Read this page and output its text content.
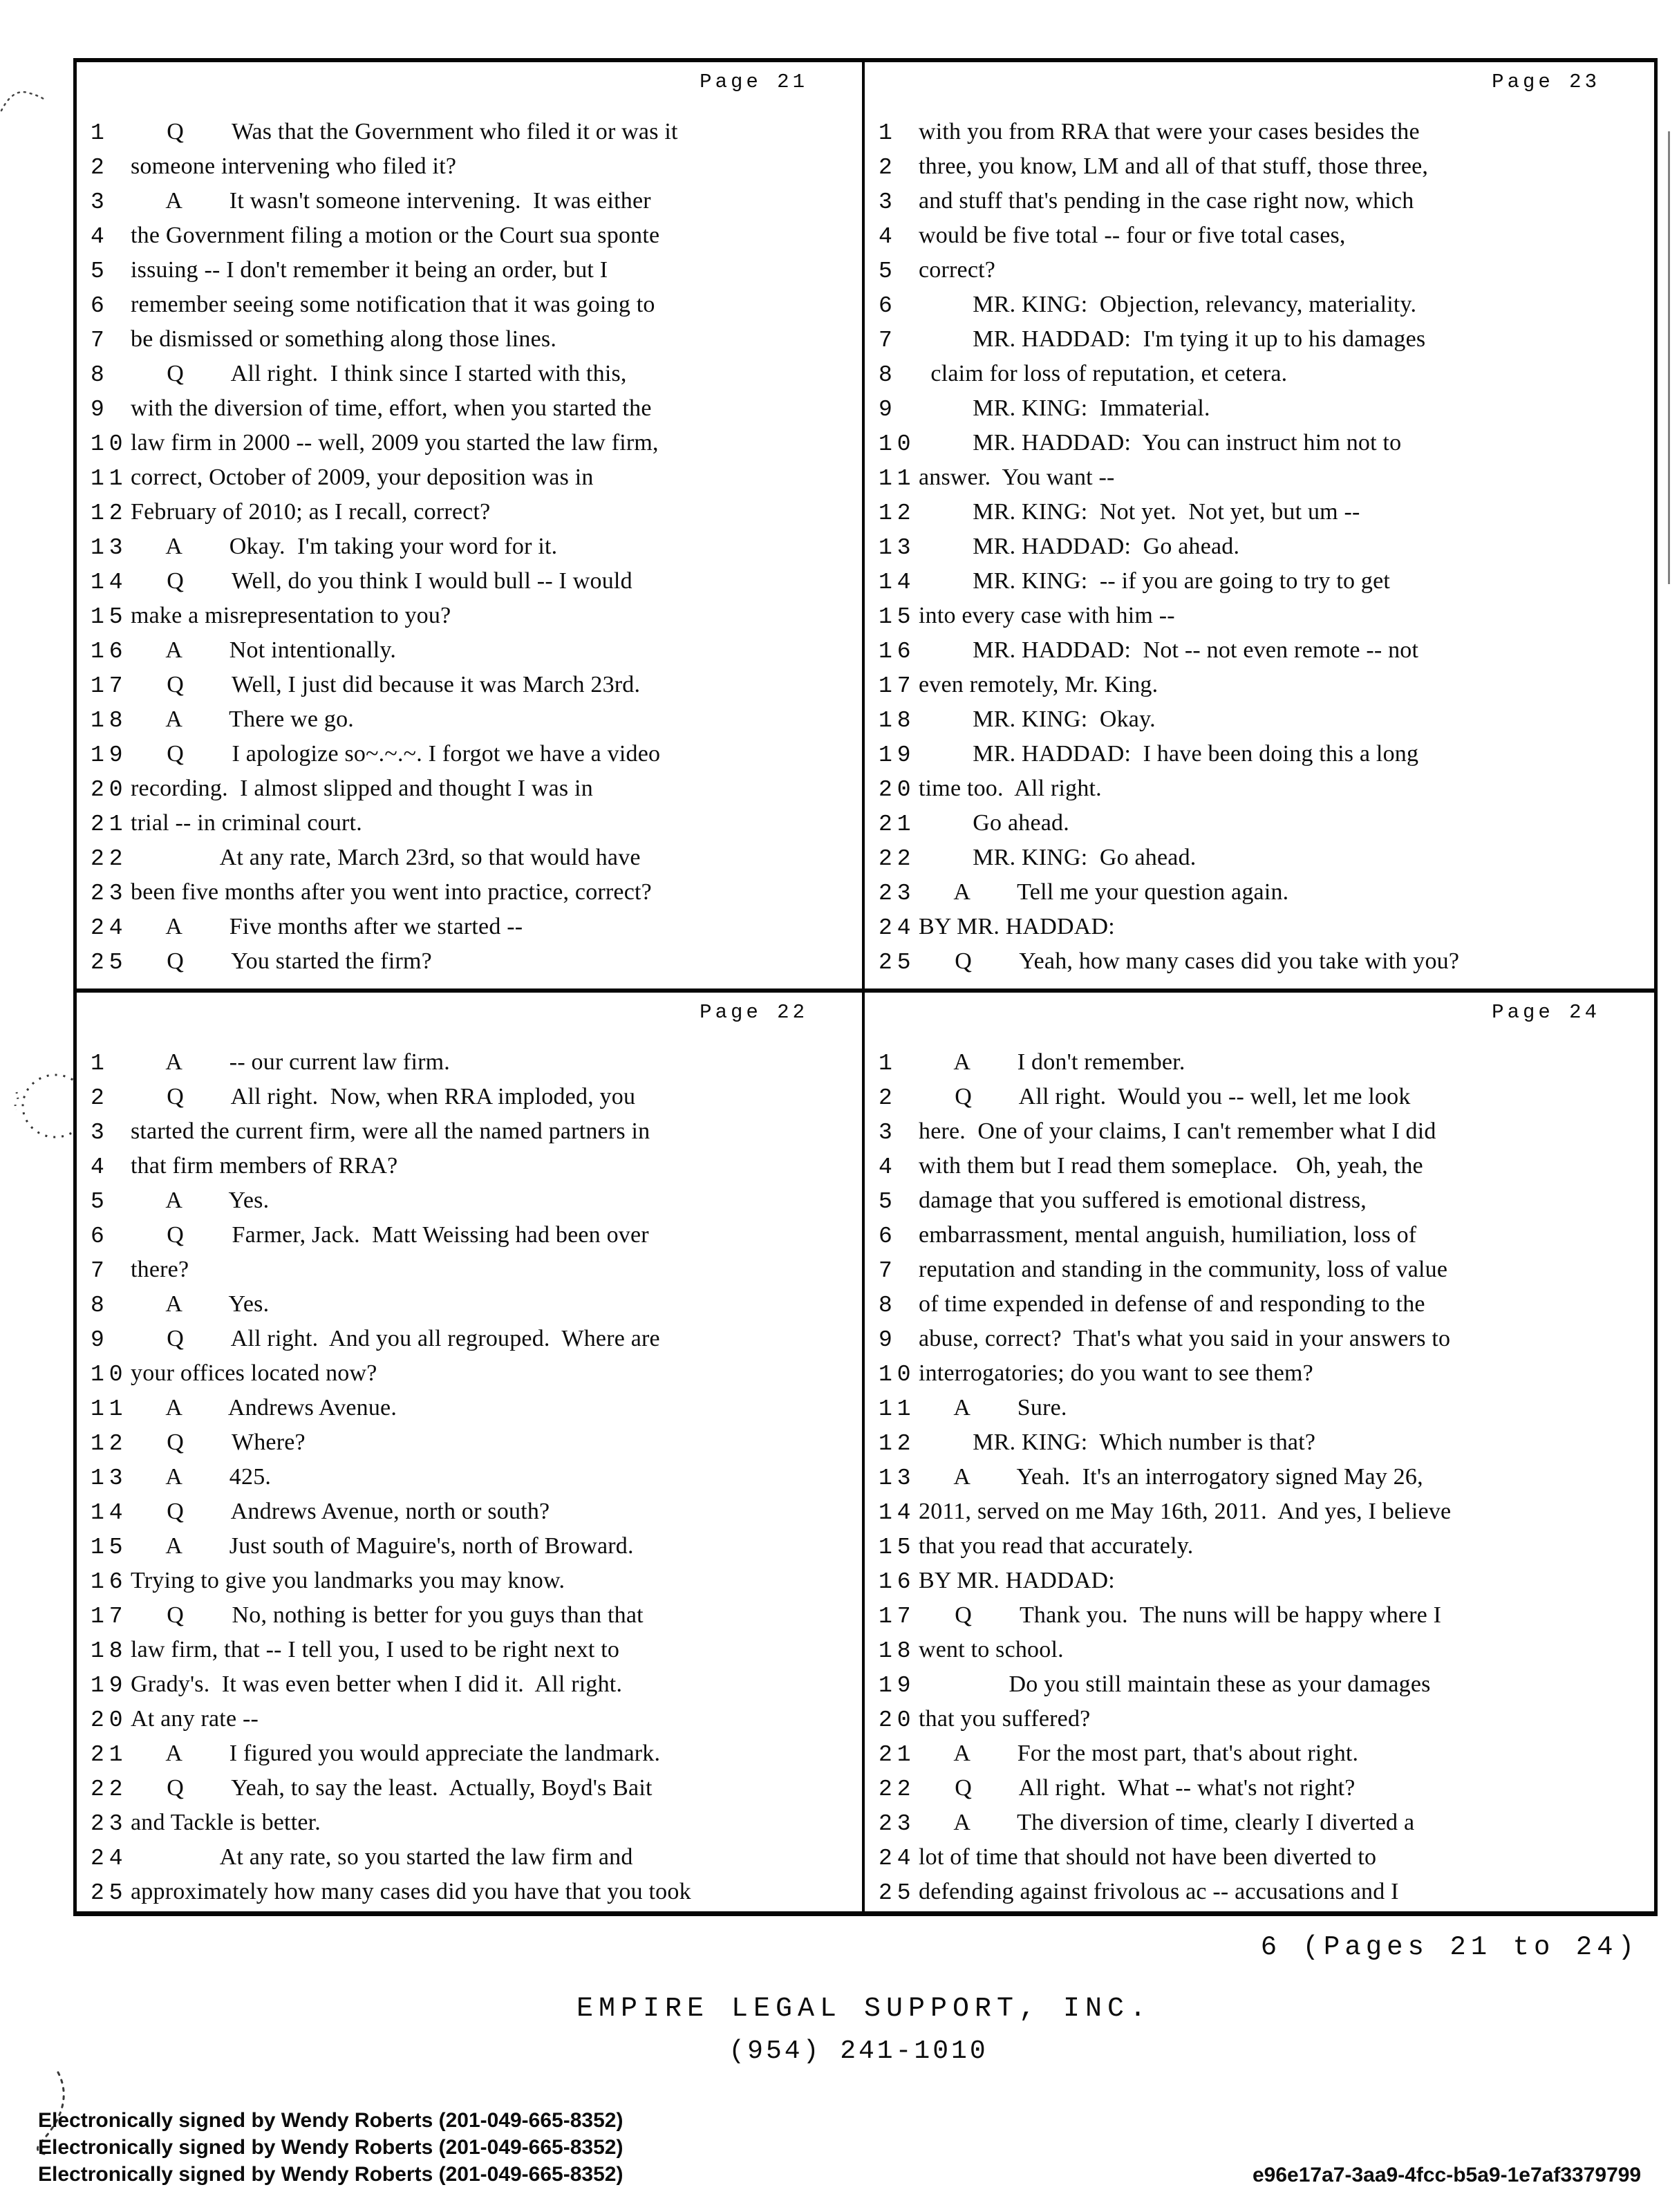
Page 21
1 Q        Was that the Government who filed it or was it
2 someone intervening who filed it?
3 A        It wasn't someone intervening.  It was either
4 the Government filing a motion or the Court sua sponte
5 issuing -- I don't remember it being an order, but I
6 remember seeing some notification that it was going to
7 be dismissed or something along those lines.
8 Q        All right.  I think since I started with this,
9 with the diversion of time, effort, when you started the
10 law firm in 2000 -- well, 2009 you started the law firm,
11 correct, October of 2009, your deposition was in
12 February of 2010; as I recall, correct?
13 A        Okay.  I'm taking your word for it.
14 Q        Well, do you think I would bull -- I would
15 make a misrepresentation to you?
16 A        Not intentionally.
17 Q        Well, I just did because it was March 23rd.
18 A        There we go.
19 Q        I apologize so~.~.~. I forgot we have a video
20 recording.  I almost slipped and thought I was in
21 trial -- in criminal court.
22 At any rate, March 23rd, so that would have
23 been five months after you went into practice, correct?
24 A        Five months after we started --
25 Q        You started the firm?
Page 23
1 with you from RRA that were your cases besides the
2 three, you know, LM and all of that stuff, those three,
3 and stuff that's pending in the case right now, which
4 would be five total -- four or five total cases,
5 correct?
6 MR. KING:  Objection, relevancy, materiality.
7 MR. HADDAD:  I'm tying it up to his damages
8 claim for loss of reputation, et cetera.
9 MR. KING:  Immaterial.
10 MR. HADDAD:  You can instruct him not to
11 answer.  You want --
12 MR. KING:  Not yet.  Not yet, but um --
13 MR. HADDAD:  Go ahead.
14 MR. KING:  -- if you are going to try to get
15 into every case with him --
16 MR. HADDAD:  Not -- not even remote -- not
17 even remotely, Mr. King.
18 MR. KING:  Okay.
19 MR. HADDAD:  I have been doing this a long
20 time too.  All right.
21 Go ahead.
22 MR. KING:  Go ahead.
23 A        Tell me your question again.
24 BY MR. HADDAD:
25 Q        Yeah, how many cases did you take with you?
Page 22
1 A        -- our current law firm.
2 Q        All right.  Now, when RRA imploded, you
3 started the current firm, were all the named partners in
4 that firm members of RRA?
5 A        Yes.
6 Q        Farmer, Jack.  Matt Weissing had been over
7 there?
8 A        Yes.
9 Q        All right.  And you all regrouped.  Where are
10 your offices located now?
11 A        Andrews Avenue.
12 Q        Where?
13 A        425.
14 Q        Andrews Avenue, north or south?
15 A        Just south of Maguire's, north of Broward.
16 Trying to give you landmarks you may know.
17 Q        No, nothing is better for you guys than that
18 law firm, that -- I tell you, I used to be right next to
19 Grady's.  It was even better when I did it.  All right.
20 At any rate --
21 A        I figured you would appreciate the landmark.
22 Q        Yeah, to say the least.  Actually, Boyd's Bait
23 and Tackle is better.
24 At any rate, so you started the law firm and
25 approximately how many cases did you have that you took
Page 24
1 A        I don't remember.
2 Q        All right.  Would you -- well, let me look
3 here.  One of your claims, I can't remember what I did
4 with them but I read them someplace.   Oh, yeah, the
5 damage that you suffered is emotional distress,
6 embarrassment, mental anguish, humiliation, loss of
7 reputation and standing in the community, loss of value
8 of time expended in defense of and responding to the
9 abuse, correct?  That's what you said in your answers to
10 interrogatories; do you want to see them?
11 A        Sure.
12 MR. KING:  Which number is that?
13 A        Yeah.  It's an interrogatory signed May 26,
14 2011, served on me May 16th, 2011.  And yes, I believe
15 that you read that accurately.
16 BY MR. HADDAD:
17 Q        Thank you.  The nuns will be happy where I
18 went to school.
19 Do you still maintain these as your damages
20 that you suffered?
21 A        For the most part, that's about right.
22 Q        All right.  What -- what's not right?
23 A        The diversion of time, clearly I diverted a
24 lot of time that should not have been diverted to
25 defending against frivolous ac -- accusations and I
6 (Pages 21 to 24)
EMPIRE LEGAL SUPPORT, INC.
(954) 241-1010
Electronically signed by Wendy Roberts (201-049-665-8352)
Electronically signed by Wendy Roberts (201-049-665-8352)
Electronically signed by Wendy Roberts (201-049-665-8352)	e96e17a7-3aa9-4fcc-b5a9-1e7af3379799
